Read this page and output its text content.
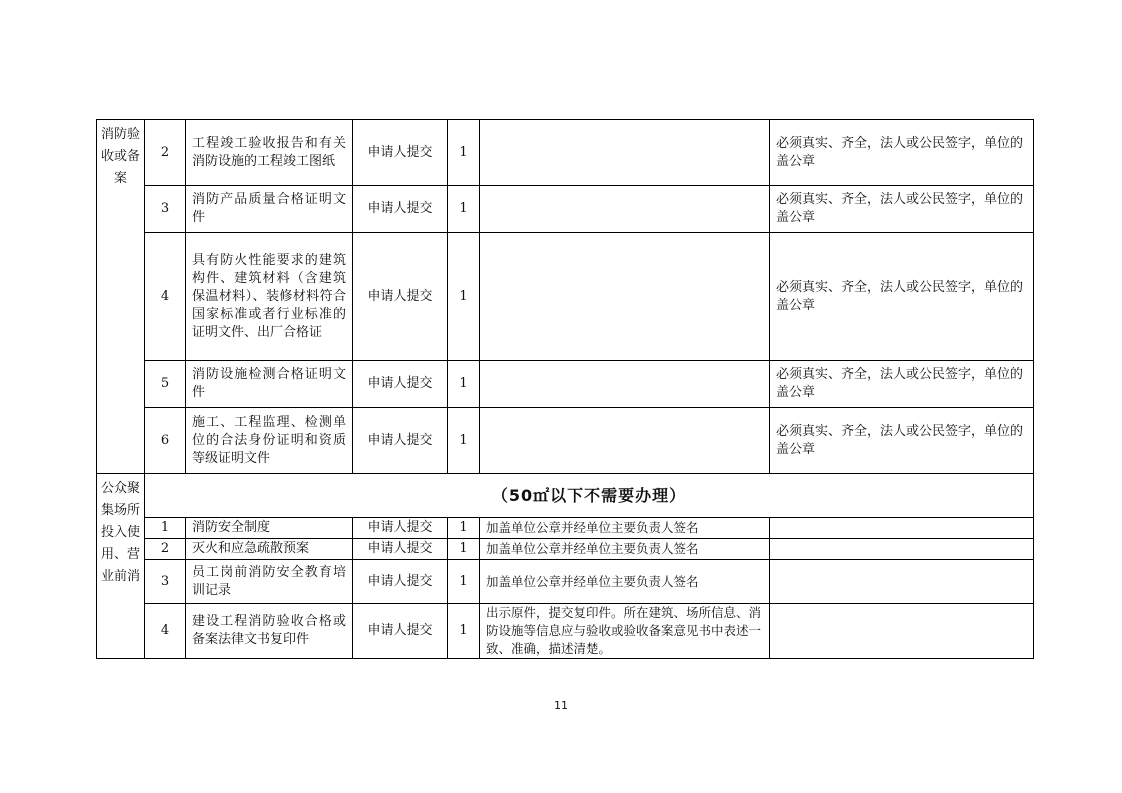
消防验收或备案	2	工程竣工验收报告和有关消防设施的工程竣工图纸	申请人提交	1		必须真实、齐全，法人或公民签字，单位的盖公章
	3	消防产品质量合格证明文件	申请人提交	1		必须真实、齐全，法人或公民签字，单位的盖公章
	4	具有防火性能要求的建筑构件、建筑材料（含建筑保温材料）、装修材料符合国家标准或者行业标准的证明文件、出厂合格证	申请人提交	1		必须真实、齐全，法人或公民签字，单位的盖公章
	5	消防设施检测合格证明文件	申请人提交	1		必须真实、齐全，法人或公民签字，单位的盖公章
	6	施工、工程监理、检测单位的合法身份证明和资质等级证明文件	申请人提交	1		必须真实、齐全，法人或公民签字，单位的盖公章
公众聚集场所投入使用、营业前消	（50㎡以下不需要办理）					
	1	消防安全制度	申请人提交	1	加盖单位公章并经单位主要负责人签名	
	2	灭火和应急疏散预案	申请人提交	1	加盖单位公章并经单位主要负责人签名	
	3	员工岗前消防安全教育培训记录	申请人提交	1	加盖单位公章并经单位主要负责人签名	
	4	建设工程消防验收合格或备案法律文书复印件	申请人提交	1	出示原件，提交复印件。所在建筑、场所信息、消防设施等信息应与验收或验收备案意见书中表述一致、准确，描述清楚。	
11
